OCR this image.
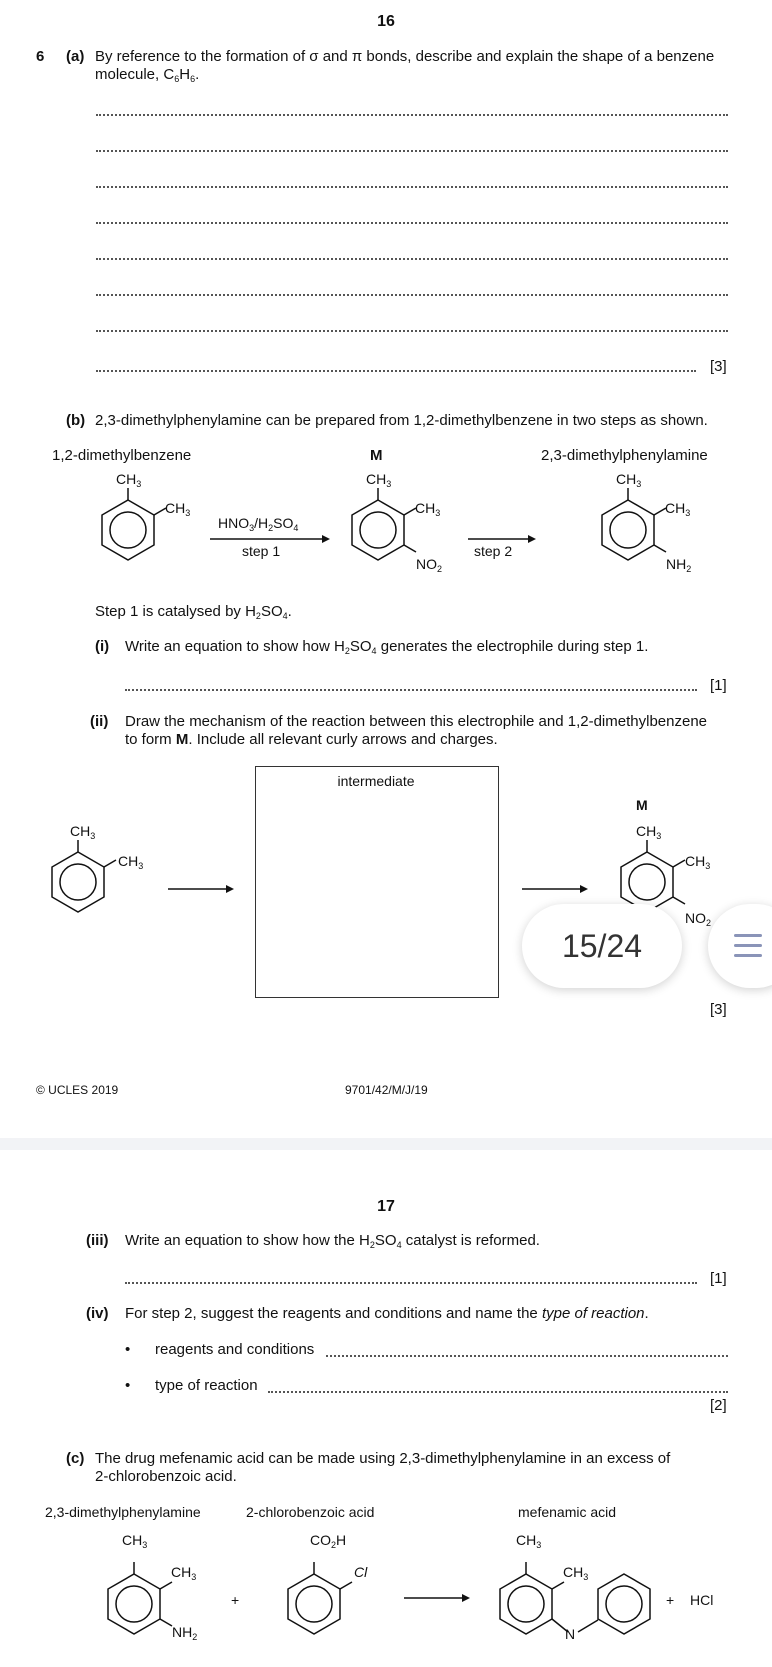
16
6 (a) By reference to the formation of σ and π bonds, describe and explain the shape of a benzene
molecule, $C_6H_6$.
[3]
(b) 2,3-dimethylphenylamine can be prepared from 1,2-dimethylbenzene in two steps as shown.
1,2-dimethylbenzene	M	2,3-dimethylphenylamine
$CH_3$
$CH_3$
$HNO_3/H_2SO_4$
step 1
$CH_3$
$CH_3$
$NO_2$
step 2
$CH_3$
$CH_3$
$NH_2$
Step 1 is catalysed by $H_2SO_4$.
(i) Write an equation to show how $H_2SO_4$ generates the electrophile during step 1.
[1]
(ii) Draw the mechanism of the reaction between this electrophile and 1,2-dimethylbenzene
to form M. Include all relevant curly arrows and charges.
intermediate
$CH_3$
$CH_3$
M
$CH_3$
$CH_3$
$NO_2$
[3]
© UCLES 2019	9701/42/M/J/19
15/24
17
(iii) Write an equation to show how the $H_2SO_4$ catalyst is reformed.
[1]
(iv) For step 2, suggest the reagents and conditions and name the type of reaction.
• reagents and conditions
• type of reaction
[2]
(c) The drug mefenamic acid can be made using 2,3-dimethylphenylamine in an excess of
2-chlorobenzoic acid.
2,3-dimethylphenylamine	2-chlorobenzoic acid	mefenamic acid
$CH_3$
$CH_3$
$NH_2$
+
$CO_2H$
Cl
$CH_3$
$CH_3$
N
+ HCl
